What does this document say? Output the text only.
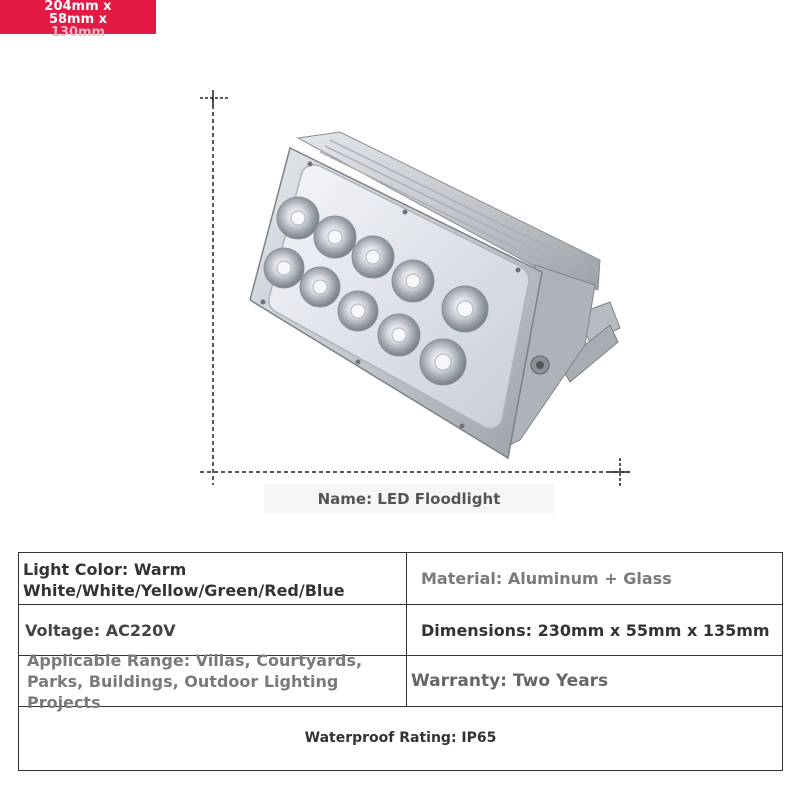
204mm x
58mm x
130mm
Name: LED Floodlight
Light Color: Warm
White/White/Yellow/Green/Red/Blue
Material: Aluminum + Glass
Voltage: AC220V	Dimensions: 230mm x 55mm x 135mm
Applicable Range: Villas, Courtyards,
Parks, Buildings, Outdoor Lighting Projects
Warranty: Two Years
Waterproof Rating: IP65
